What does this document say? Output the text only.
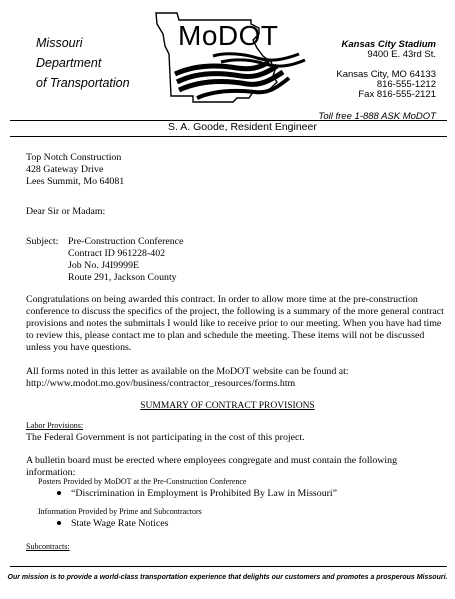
Missouri
Department
of Transportation
MoDOT	Kansas City Stadium
9400 E. 43rd St.
Kansas City, MO 64133
816-555-1212
Fax 816-555-2121
Toll free 1-888 ASK MoDOT
S. A. Goode, Resident Engineer
Top Notch Construction
428 Gateway Drive
Lees Summit, Mo 64081
Dear Sir or Madam:
Subject: Pre-Construction Conference
Contract ID 961228-402
Job No. J4I9999E
Route 291, Jackson County
Congratulations on being awarded this contract. In order to allow more time at the pre-construction
conference to discuss the specifics of the project, the following is a summary of the more general contract
provisions and notes the submittals I would like to receive prior to our meeting. When you have had time
to review this, please contact me to plan and schedule the meeting. These items will not be discussed
unless you have questions.
All forms noted in this letter as available on the MoDOT website can be found at:
http://www.modot.mo.gov/business/contractor_resources/forms.htm
SUMMARY OF CONTRACT PROVISIONS
Labor Provisions:
The Federal Government is not participating in the cost of this project.
A bulletin board must be erected where employees congregate and must contain the following information:
Posters Provided by MoDOT at the Pre-Construction Conference
“Discrimination in Employment is Prohibited By Law in Missouri”
Information Provided by Prime and Subcontractors
State Wage Rate Notices
Subcontracts:
Our mission is to provide a world-class transportation experience that delights our customers and promotes a prosperous Missouri.
